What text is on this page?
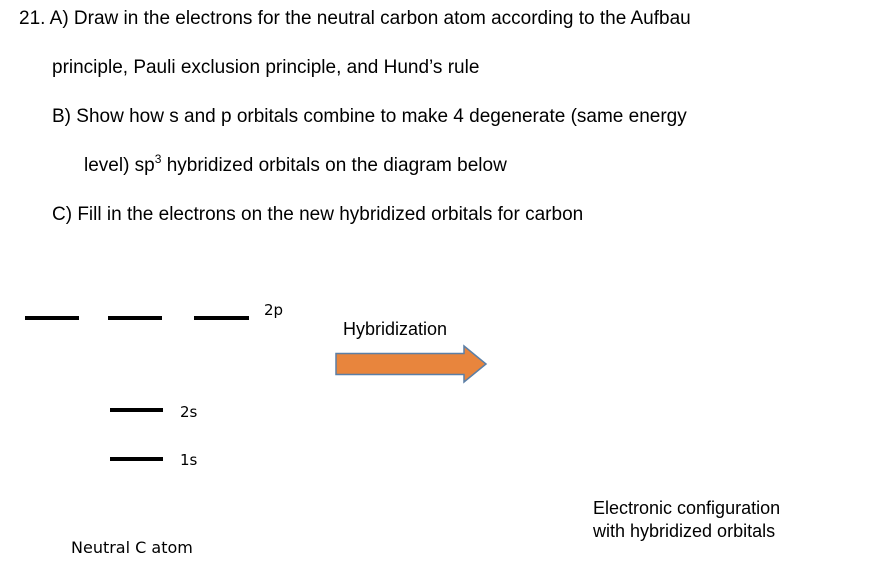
21. A) Draw in the electrons for the neutral carbon atom according to the Aufbau
principle, Pauli exclusion principle, and Hund’s rule
B) Show how s and p orbitals combine to make 4 degenerate (same energy
level) $sp^3$ hybridized orbitals on the diagram below
C) Fill in the electrons on the new hybridized orbitals for carbon
2p
2s
1s
Neutral C atom
Hybridization
Electronic configuration
with hybridized orbitals
